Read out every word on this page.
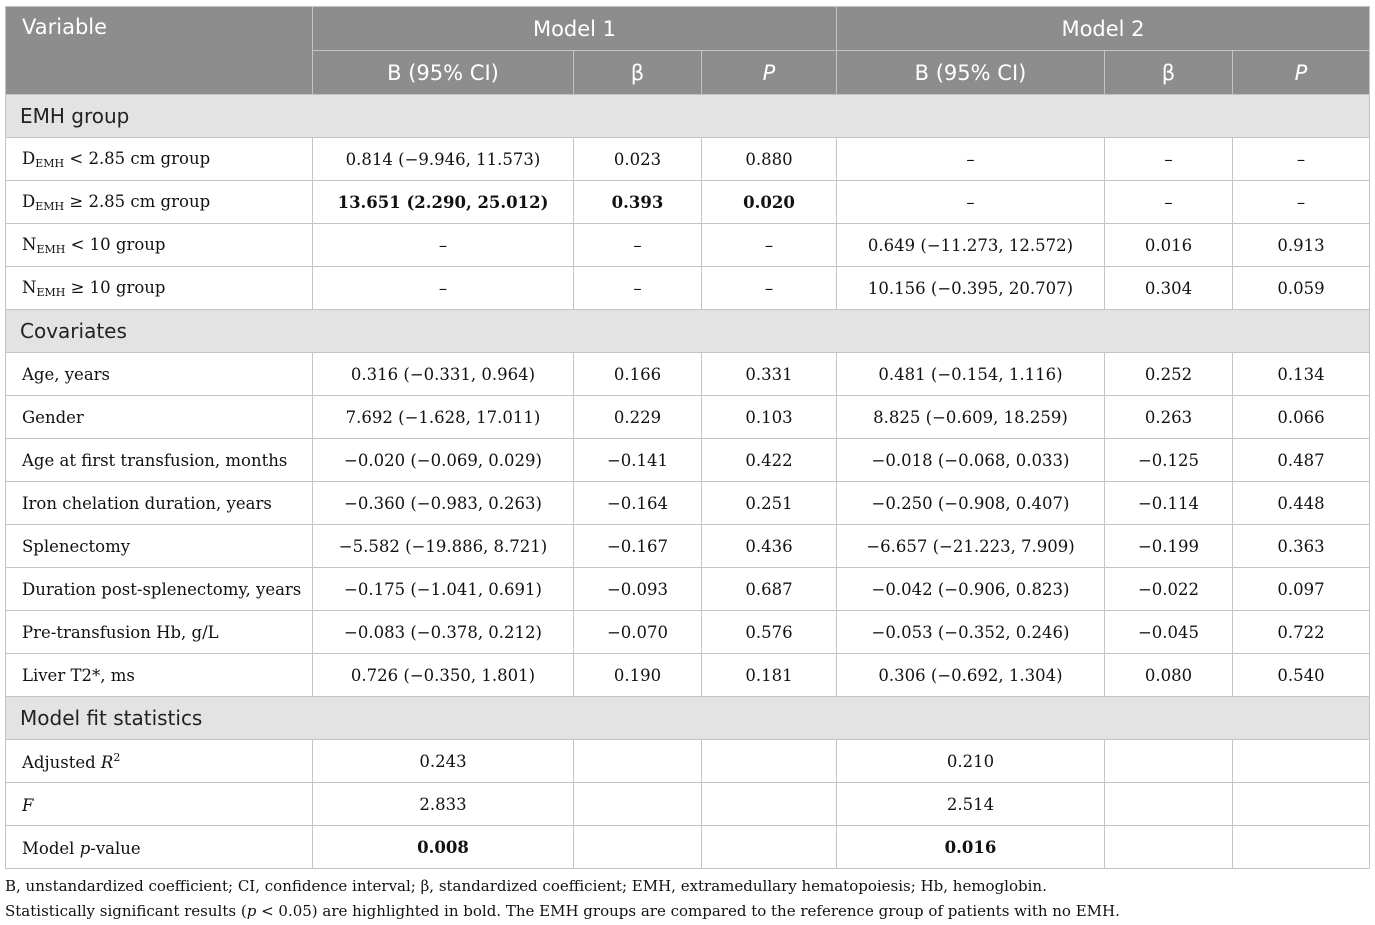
Variable	Model 1			Model 2		
	B (95% CI)	β	P	B (95% CI)	β	P
EMH group						
$D_{EMH} < 2.85$ cm group	0.814 (−9.946, 11.573)	0.023	0.880	–	–	–
$D_{EMH} \ge 2.85$ cm group	13.651 (2.290, 25.012)	0.393	0.020	–	–	–
$N_{EMH} < 10$ group	–	–	–	0.649 (−11.273, 12.572)	0.016	0.913
$N_{EMH} \ge 10$ group	–	–	–	10.156 (−0.395, 20.707)	0.304	0.059
Covariates						
Age, years	0.316 (−0.331, 0.964)	0.166	0.331	0.481 (−0.154, 1.116)	0.252	0.134
Gender	7.692 (−1.628, 17.011)	0.229	0.103	8.825 (−0.609, 18.259)	0.263	0.066
Age at first transfusion, months	−0.020 (−0.069, 0.029)	−0.141	0.422	−0.018 (−0.068, 0.033)	−0.125	0.487
Iron chelation duration, years	−0.360 (−0.983, 0.263)	−0.164	0.251	−0.250 (−0.908, 0.407)	−0.114	0.448
Splenectomy	−5.582 (−19.886, 8.721)	−0.167	0.436	−6.657 (−21.223, 7.909)	−0.199	0.363
Duration post-splenectomy, years	−0.175 (−1.041, 0.691)	−0.093	0.687	−0.042 (−0.906, 0.823)	−0.022	0.097
Pre-transfusion Hb, g/L	−0.083 (−0.378, 0.212)	−0.070	0.576	−0.053 (−0.352, 0.246)	−0.045	0.722
Liver T2*, ms	0.726 (−0.350, 1.801)	0.190	0.181	0.306 (−0.692, 1.304)	0.080	0.540
Model fit statistics						
Adjusted $R^2$	0.243			0.210		
F	2.833			2.514		
Model p-value	0.008			0.016		
B, unstandardized coefficient; CI, confidence interval; β, standardized coefficient; EMH, extramedullary hematopoiesis; Hb, hemoglobin.
Statistically significant results (p < 0.05) are highlighted in bold. The EMH groups are compared to the reference group of patients with no EMH.
